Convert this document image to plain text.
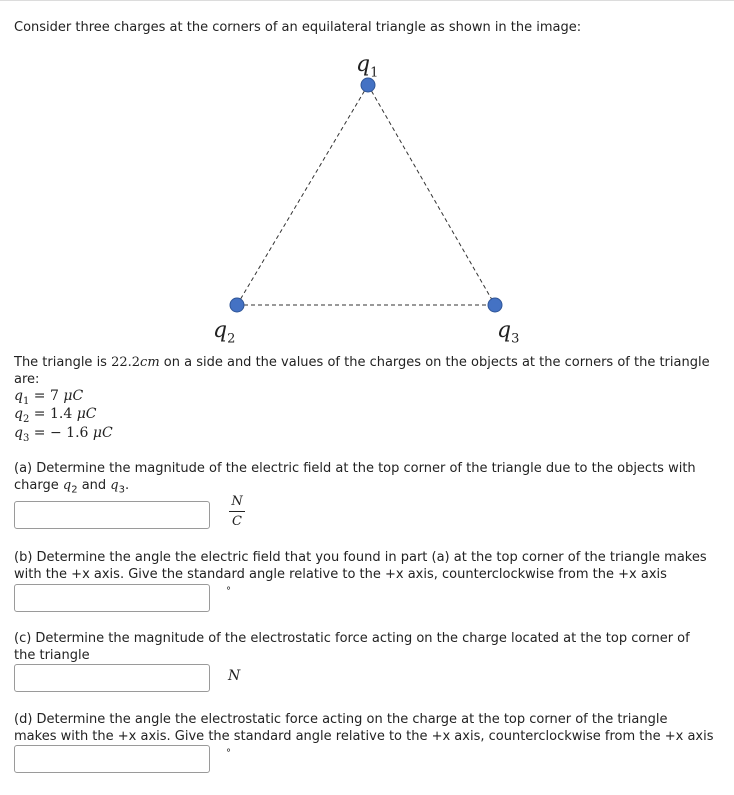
Consider three charges at the corners of an equilateral triangle as shown in the image:
$q_1$
$q_2$	$q_3$
The triangle is 22.2cm on a side and the values of the charges on the objects at the corners of the triangle
are:
$q_1 = 7$ μC
$q_2 = 1.4$ μC
$q_3$ = − 1.6 μC
(a) Determine the magnitude of the electric field at the top corner of the triangle due to the objects with
charge $q_2$ and $q_3$.
N
C
(b) Determine the angle the electric field that you found in part (a) at the top corner of the triangle makes
with the +x axis. Give the standard angle relative to the +x axis, counterclockwise from the +x axis
°
(c) Determine the magnitude of the electrostatic force acting on the charge located at the top corner of
the triangle
N
(d) Determine the angle the electrostatic force acting on the charge at the top corner of the triangle
makes with the +x axis. Give the standard angle relative to the +x axis, counterclockwise from the +x axis
°
